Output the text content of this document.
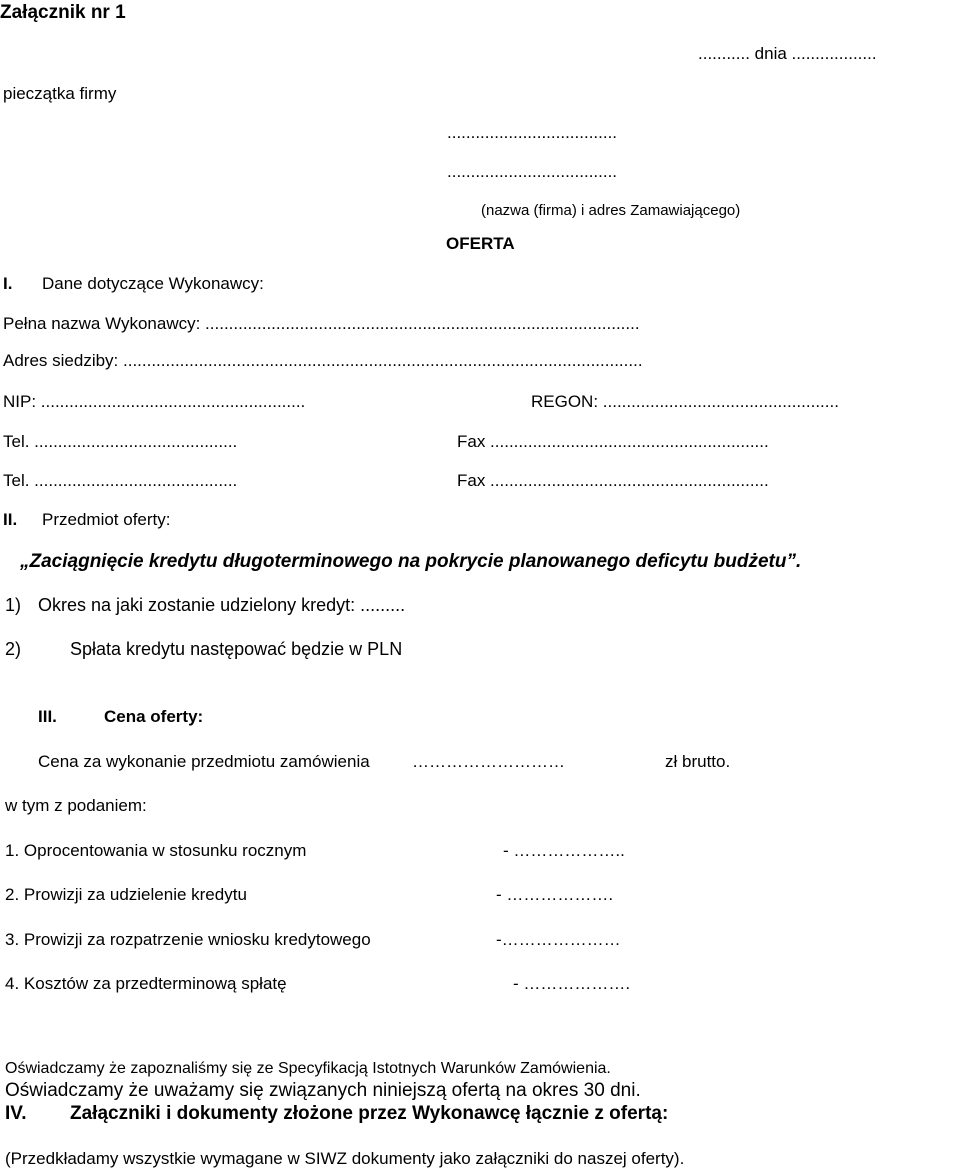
Załącznik nr 1
........... dnia ..................
pieczątka firmy
....................................
....................................
(nazwa (firma) i adres Zamawiającego)
OFERTA
I. Dane dotyczące Wykonawcy:
Pełna nazwa Wykonawcy: ............................................................................................
Adres siedziby: ..............................................................................................................
NIP: ........................................................	REGON: ..................................................
Tel. ...........................................	Fax ...........................................................
Tel. ...........................................	Fax ...........................................................
II. Przedmiot oferty:
„Zaciągnięcie kredytu długoterminowego na pokrycie planowanego deficytu budżetu”.
1) Okres na jaki zostanie udzielony kredyt: .........
2)	Spłata kredytu następować będzie w PLN
III.	Cena oferty:
Cena za wykonanie przedmiotu zamówienia ………………………	zł brutto.
w tym z podaniem:
1. Oprocentowania w stosunku rocznym	- ………………..
2. Prowizji za udzielenie kredytu	- ……………….
3. Prowizji za rozpatrzenie wniosku kredytowego	-…………………
4. Kosztów za przedterminową spłatę	- ……………….
Oświadczamy że zapoznaliśmy się ze Specyfikacją Istotnych Warunków Zamówienia.
Oświadczamy że uważamy się związanych niniejszą ofertą na okres 30 dni.
IV. Załączniki i dokumenty złożone przez Wykonawcę łącznie z ofertą:
(Przedkładamy wszystkie wymagane w SIWZ dokumenty jako załączniki do naszej oferty).
